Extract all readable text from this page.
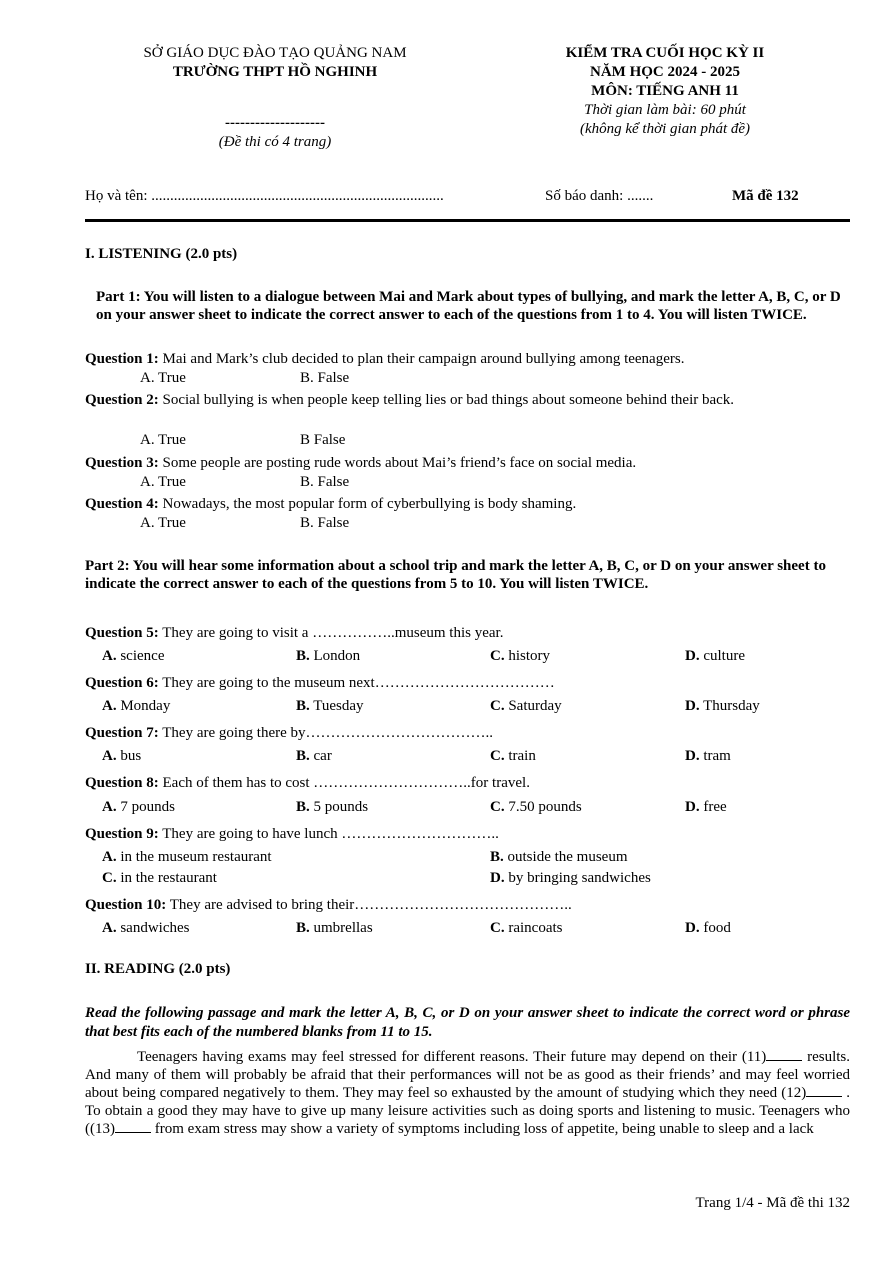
SỞ GIÁO DỤC ĐÀO TẠO QUẢNG NAM
TRƯỜNG THPT HỒ NGHINH
--------------------
(Đề thi có 4 trang)
KIỂM TRA CUỐI HỌC KỲ II
NĂM HỌC 2024 - 2025
MÔN: TIẾNG ANH 11
Thời gian làm bài: 60 phút
(không kể thời gian phát đề)
Họ và tên: ..............................................................................	Số báo danh: .......	Mã đề 132
I. LISTENING (2.0 pts)
Part 1: You will listen to a dialogue between Mai and Mark about types of bullying, and mark the letter A, B, C, or D on your answer sheet to indicate the correct answer to each of the questions from 1 to 4. You will listen TWICE.
Question 1: Mai and Mark’s club decided to plan their campaign around bullying among teenagers.
A. True	B. False
Question 2: Social bullying is when people keep telling lies or bad things about someone behind their back.
A. True	B False
Question 3: Some people are posting rude words about Mai’s friend’s face on social media.
A. True	B. False
Question 4: Nowadays, the most popular form of cyberbullying is body shaming.
A. True	B. False
Part 2: You will hear some information about a school trip and mark the letter A, B, C, or D on your answer sheet to indicate the correct answer to each of the questions from 5 to 10. You will listen TWICE.
Question 5: They are going to visit a ……………..museum this year.
A. science	B. London	C. history	D. culture
Question 6: They are going to the museum next………………………………
A. Monday	B. Tuesday	C. Saturday	D. Thursday
Question 7: They are going there by………………………………..
A. bus	B. car	C. train	D. tram
Question 8: Each of them has to cost …………………………..for travel.
A. 7 pounds	B. 5 pounds	C. 7.50 pounds	D. free
Question 9: They are going to have lunch …………………………..
A. in the museum restaurant	B. outside the museum
C. in the restaurant	D. by bringing sandwiches
Question 10: They are advised to bring their……………………………………..
A. sandwiches	B. umbrellas	C. raincoats	D. food
II. READING (2.0 pts)
Read the following passage and mark the letter A, B, C, or D on your answer sheet to indicate the correct word or phrase that best fits each of the numbered blanks from 11 to 15.
Teenagers having exams may feel stressed for different reasons. Their future may depend on their (11) results. And many of them will probably be afraid that their performances will not be as good as their friends’ and may feel worried about being compared negatively to them. They may feel so exhausted by the amount of studying which they need (12) . To obtain a good they may have to give up many leisure activities such as doing sports and listening to music. Teenagers who ((13) from exam stress may show a variety of symptoms including loss of appetite, being unable to sleep and a lack
Trang 1/4 - Mã đề thi 132
